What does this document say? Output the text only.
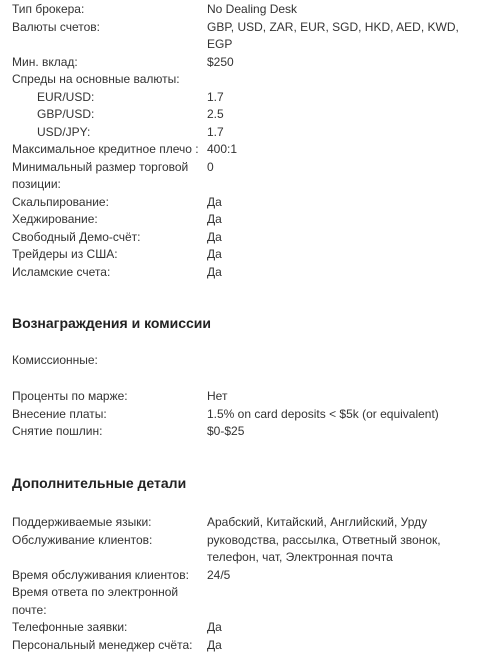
Тип брокера:	No Dealing Desk
Валюты счетов:	GBP, USD, ZAR, EUR, SGD, HKD, AED, KWD, EGP
Мин. вклад:	$250
Спреды на основные валюты:
EUR/USD:	1.7
GBP/USD:	2.5
USD/JPY:	1.7
Максимальное кредитное плечо : 400:1
Минимальный размер торговой позиции:
0
Скальпирование:	Да
Хеджирование:	Да
Свободный Демо-счёт:	Да
Трейдеры из США:	Да
Исламские счета:	Да
Вознаграждения и комиссии
Комиссионные:
Проценты по марже:	Нет
Внесение платы:	1.5% on card deposits < $5k (or equivalent)
Снятие пошлин:	$0-$25
Дополнительные детали
Поддерживаемые языки:	Арабский, Китайский, Английский, Урду
Обслуживание клиентов:	руководства, рассылка, Ответный звонок, телефон, чат, Электронная почта
Время обслуживания клиентов:	24/5
Время ответа по электронной почте:
Телефонные заявки:	Да
Персональный менеджер счёта:	Да
